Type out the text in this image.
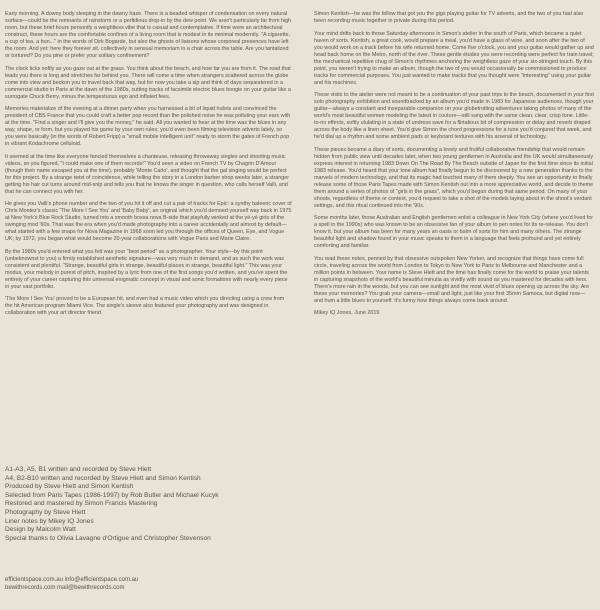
Early morning. A downy body sleeping in the dawny haze. There is a beaded whisper of condensation on every natural surface—could be the remnants of rainstorm or a perfidious drop-in by the dew point. We aren't particularly far from high noon, but these brief hours personify a weightless vibe that is casual and contemplative. If time were an architectural construct, these hours are the comfortable confines of a living room that is modest in its minimal modernity. "A cigarette, a cup of tea, a bun..." in the words of Dirk Bogarde, but also the ghosts of liaisons whose corporeal presences have left the room. And yet: here they forever sit, collectively in sensual memoriam in a chair across the table. Are you tantalized or tortured? Do you pine or prefer your solitary confinement?

The clock ticks softly as you gaze out at the grass. You think about the beach, and how far you are from it. The road that leads you there is long and stretches far behind you. There will come a time when strangers scattered across the globe come into view and beckon you to travel back that way, but for now you take a sip and think of days sequestered in a commercial studio in Paris at the dawn of the 1980s, cutting tracks of facsimile electric blues boogie on your guitar like a surrogate Chuck Berry, minus the tempestuous ego and inflated fees.

Memories materialize of the evening at a dinner party when you harnessed a bit of liquid hubris and convinced the president of CBS France that you could craft a better pop record than the polished noise he was polluting your ears with at the time. "Find a singer and I'll give you the money," he said. All you wanted to hear at the time was the blues in any way, shape, or form, but you played his game by your own rules; you'd even been filming television adverts lately, so you were basically (in the words of Robert Fripp) a "small mobile intelligent unit" ready to storm the gates of French pop in vibrant Kodachrome celluloid.

It seemed at the time like everyone fancied themselves a chanteuse, releasing throwaway singles and shooting music videos, so you figured, "I could make one of them records!" You'd seen a video on French TV by Chagrin D'Amour (though their name escaped you at the time), probably 'Monte Carlo', and thought that the gal singing would be perfect for this project. By a strange twist of coincidence, while telling the story in a London barber shop weeks later, a stranger getting his hair cut turns around mid-snip and tells you that he knows the singer in question, who calls herself Valli, and that he can connect you with her.

He gives you Valli's phone number and the two of you hit it off and cut a pair of tracks for Epic: a synthy baleeric cover of Chris Montez's classic 'The More I See You' and 'Baby Baby', an original which you'd demoed yourself way back in 1975 at New York's Blue Rock Studio, turned into a smooth bossa nova B-side that playfully winked at the yé-yé girls of the swinging mod '60s. That was the era when you'd made photography into a career accidentally and almost by default—what started with a few snaps for Nova Magazine in 1968 soon led you through the offices of Queen, Eye, and Vogue UK; by 1972, you began what would become 20-year collaborations with Vogue Paris and Marie Claire.

By the 1980s you'd entered what you felt was your "best period" as a photographer. Your style—by this point (unbeknownst to you) a firmly established aesthetic signature—was very much in demand, and as such the work was consistent and plentiful. "Strange, beautiful girls in strange, beautiful places in strange, beautiful light." This was your modus, your melody in purest of pitch, inspired by a lyric from one of the first songs you'd written, and you've spent the entirety of your career capturing this universal enigmatic concept in visual and sonic formations with nearly every piece in your vast portfolio.

'The More I See You' proved to be a European hit, and even had a music video which you directing using a crew from the hit American program Miami Vice. The single's sleeve also featured your photography and was designed in collaboration with your art director friend

Simon Kentish—he was the fellow that got you the gigs playing guitar for TV adverts, and the two of you had also been recording music together in private during this period.

Your mind drifts back to those Saturday afternoons in Simon's atelier in the south of Paris, which became a quiet haven of sorts. Kentish, a great cook, would prepare a meal, you'd have a glass of wine, and soon after the two of you would work on a track before his wife returned home. Come five o'clock, you and your guitar would gather up and head back home on the Metro, north of the river. These gentle études you were recording were perfect for train travel; the mechanical repetitive chug of Simon's rhythmes anchoring the weightless gaze of your six-stringed touch. By this point, you weren't trying to make an album, though the two of you would occasionally be commissioned to produce tracks for commercial purposes. You just wanted to make tracks that you thought were "interesting" using your guitar and his machines.

These visits to the atelier were not meant to be a continuation of your past trips to the beach, documented in your first solo photography exhibition and soundtracked by an album you'd made in 1983 for Japanese audiences, though your guitar—always a constant and inseparable companion on your globetrotting adventures taking photos of many of the world's most beautiful women modeling the latest in couture—still sang with the same clean, clear, crisp tone. Little-to-no effects, softly ululating in a state of undress save for a flirtatious bit of compression or delay and reverb draped across the body like a linen sheet. You'd give Simon the chord progressions for a tune you'd conjured that week, and he'd dial up a rhythm and some ambient pads or keyboard textures with his arsenal of technology.

These pieces became a diary of sorts, documenting a lovely and fruitful collaborative friendship that would remain hidden from public view until decades later, when two young gentlemen in Australia and the UK would simultaneously express interest in returning 1983 Down On The Road By The Beach outside of Japan for the first time since its initial 1983 release. You'd heard that your lone album had finally begun to be discovered by a new generation thanks to the marvels of modern technology, and that its magic had touched many of them deeply. You see an opportunity to finally release some of those Paris Tapes made with Simon Kentish out into a more appreciative world, and decide to theme them around a series of photos of "girls in the grass", which you'd begun during that same period. On many of your shoots, regardless of theme or context, you'd request to take a shot of the models laying about in the shoot's verdant settings, and this ritual continued into the '90s.

Some months later, those Australian and English gentlemen enlist a colleague in New York City (where you'd lived for a spell in the 1990s) who was known to be an obsessive fan of your album to pen notes for its re-release. You don't know it, but your album has been for many years an oasis or balm of sorts for him and many others. The strange beautiful light and shadow found in your music speaks to them in a language that feels profound and yet entirely comforting and familiar.

You read these notes, penned by that obsessive outspoken New Yorker, and recognize that things have come full circle, traveling across the world from London to Tokyo to New York to Paris to Melbourne and Manchester and a million points in between. Your name is Steve Hiett and the time has finally come for the world to praise your talents in capturing snapshots of the world's beautiful minutia as vividly with sound as you mastered for decades with lens. There's more rain in the woods, but you can see sunlight and the most vivid of blues opening up across the sky. Are these your memories? You grab your camera—small and light, just like your first 35mm Samoca, but digital now—and hum a little blues to yourself. It's funny how things always come back around.

Mikey IQ Jones, June 2019

A1-A3, A5, B1 written and recorded by Steve Hiett
A4, B2-B10 written and recorded by Steve Hiett and Simon Kentish
Produced by Steve Hiett and Simon Kentish
Selected from Paris Tapes (1986-1997) by Rob Butler and Michael Kucyk
Restored and mastered by Simon Francis Mastering
Photography by Steve Hiett
Liner notes by Mikey IQ Jones
Design by Malcolm Watt
Special thanks to Olivia Lavagne d'Ortigue and Christopher Stevenson
efficientspace.com.au info@efficientspace.com.au
bewithrecords.com mail@bewithrecords.com
